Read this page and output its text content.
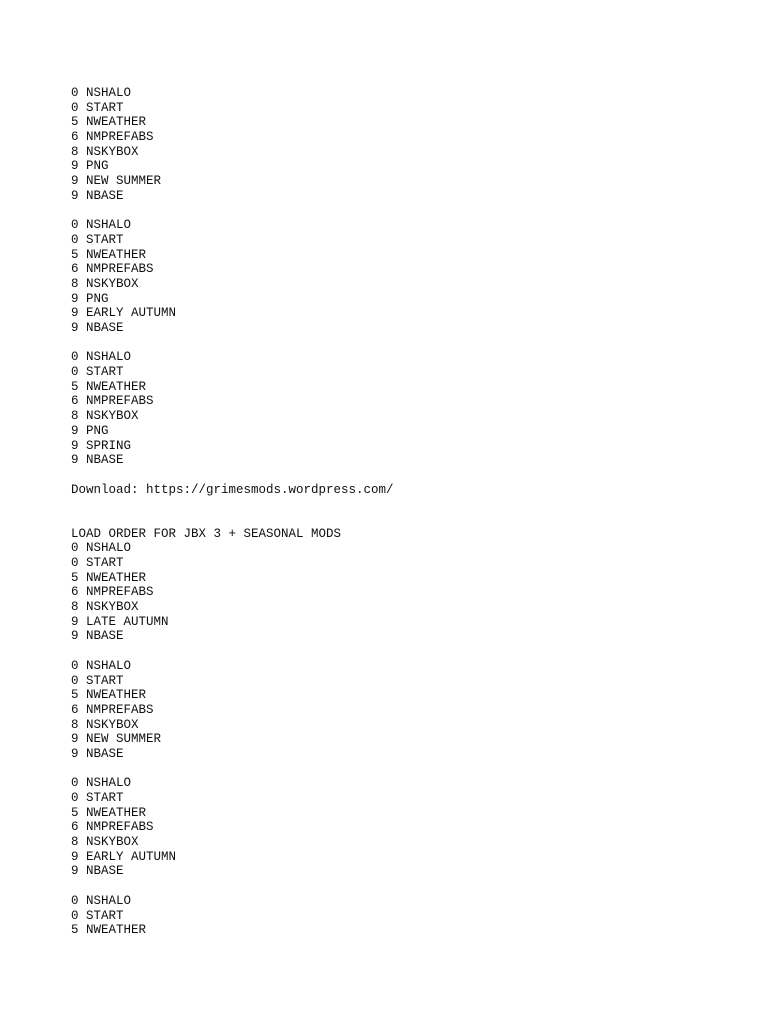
0 NSHALO
0 START
5 NWEATHER
6 NMPREFABS
8 NSKYBOX
9 PNG
9 NEW SUMMER
9 NBASE
0 NSHALO
0 START
5 NWEATHER
6 NMPREFABS
8 NSKYBOX
9 PNG
9 EARLY AUTUMN
9 NBASE
0 NSHALO
0 START
5 NWEATHER
6 NMPREFABS
8 NSKYBOX
9 PNG
9 SPRING
9 NBASE
Download: https://grimesmods.wordpress.com/
LOAD ORDER FOR JBX 3 + SEASONAL MODS
0 NSHALO
0 START
5 NWEATHER
6 NMPREFABS
8 NSKYBOX
9 LATE AUTUMN
9 NBASE
0 NSHALO
0 START
5 NWEATHER
6 NMPREFABS
8 NSKYBOX
9 NEW SUMMER
9 NBASE
0 NSHALO
0 START
5 NWEATHER
6 NMPREFABS
8 NSKYBOX
9 EARLY AUTUMN
9 NBASE
0 NSHALO
0 START
5 NWEATHER
